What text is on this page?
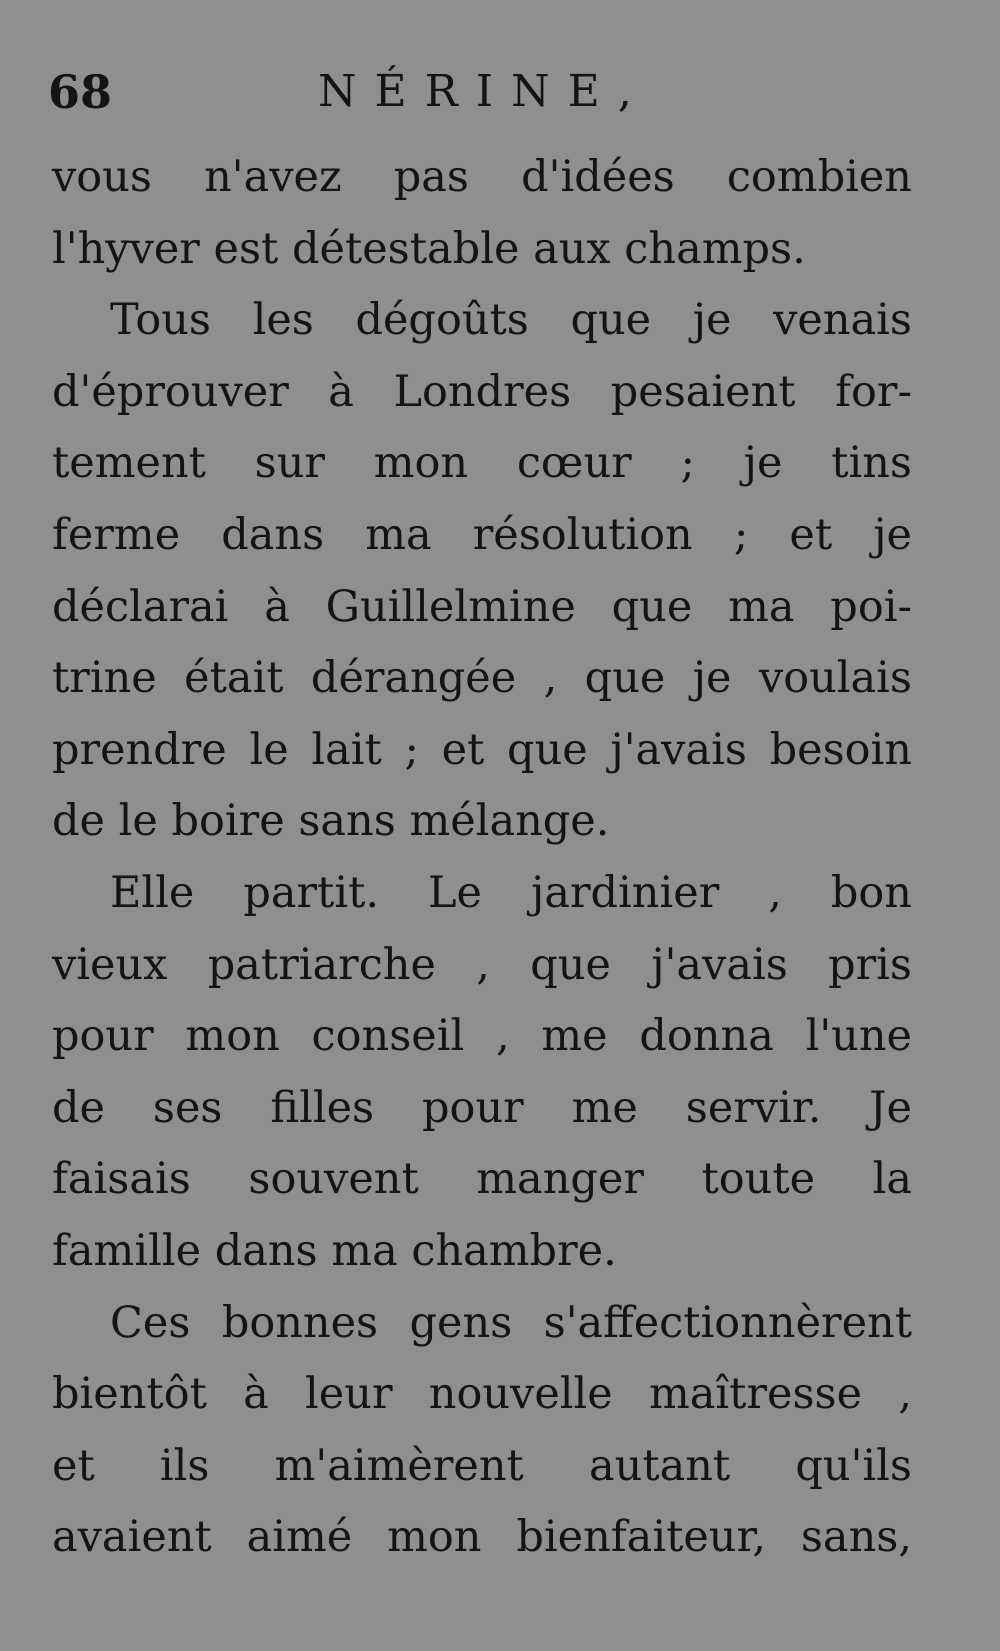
68	NÉRINE,
vous n'avez pas d'idées combien
l'hyver est détestable aux champs.
Tous les dégoûts que je venais
d'éprouver à Londres pesaient for-
tement sur mon cœur ; je tins
ferme dans ma résolution ; et je
déclarai à Guillelmine que ma poi-
trine était dérangée , que je voulais
prendre le lait ; et que j'avais besoin
de le boire sans mélange.
Elle partit. Le jardinier , bon
vieux patriarche , que j'avais pris
pour mon conseil , me donna l'une
de ses filles pour me servir. Je
faisais souvent manger toute la
famille dans ma chambre.
Ces bonnes gens s'affectionnèrent
bientôt à leur nouvelle maîtresse ,
et ils m'aimèrent autant qu'ils
avaient aimé mon bienfaiteur, sans,
